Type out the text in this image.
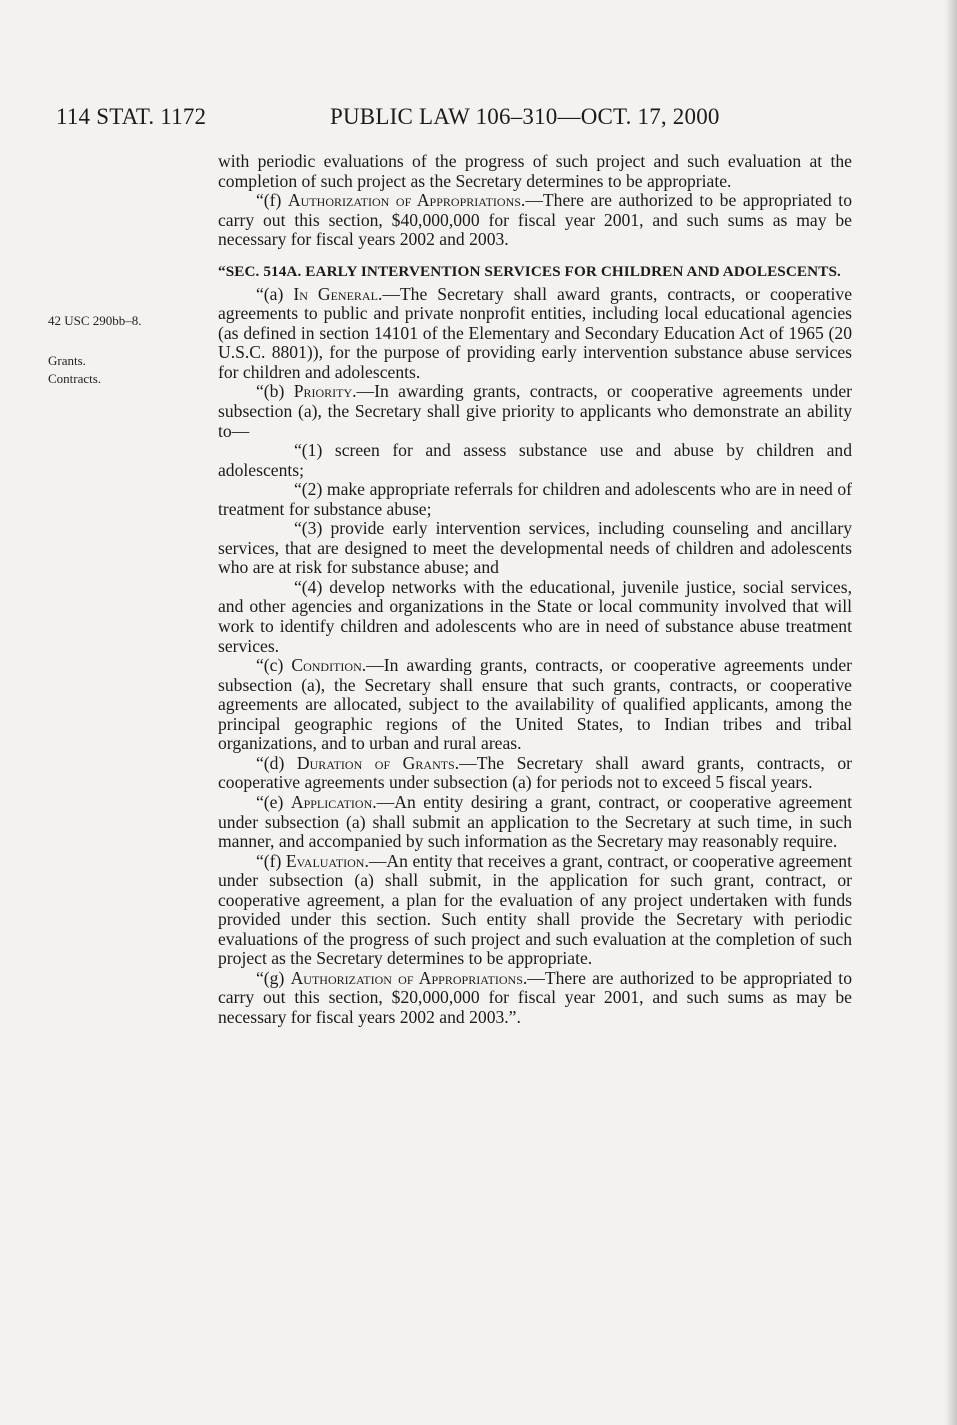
114 STAT. 1172	PUBLIC LAW 106–310—OCT. 17, 2000
42 USC 290bb–8.
Grants.
Contracts.

with periodic evaluations of the progress of such project and such evaluation at the completion of such project as the Secretary determines to be appropriate.

“(f) Authorization of Appropriations.—There are authorized to be appropriated to carry out this section, $40,000,000 for fiscal year 2001, and such sums as may be necessary for fiscal years 2002 and 2003.

“SEC. 514A. EARLY INTERVENTION SERVICES FOR CHILDREN AND ADOLESCENTS.

“(a) In General.—The Secretary shall award grants, contracts, or cooperative agreements to public and private nonprofit entities, including local educational agencies (as defined in section 14101 of the Elementary and Secondary Education Act of 1965 (20 U.S.C. 8801)), for the purpose of providing early intervention substance abuse services for children and adolescents.

“(b) Priority.—In awarding grants, contracts, or cooperative agreements under subsection (a), the Secretary shall give priority to applicants who demonstrate an ability to—

“(1) screen for and assess substance use and abuse by children and adolescents;

“(2) make appropriate referrals for children and adolescents who are in need of treatment for substance abuse;

“(3) provide early intervention services, including counseling and ancillary services, that are designed to meet the developmental needs of children and adolescents who are at risk for substance abuse; and

“(4) develop networks with the educational, juvenile justice, social services, and other agencies and organizations in the State or local community involved that will work to identify children and adolescents who are in need of substance abuse treatment services.

“(c) Condition.—In awarding grants, contracts, or cooperative agreements under subsection (a), the Secretary shall ensure that such grants, contracts, or cooperative agreements are allocated, subject to the availability of qualified applicants, among the principal geographic regions of the United States, to Indian tribes and tribal organizations, and to urban and rural areas.

“(d) Duration of Grants.—The Secretary shall award grants, contracts, or cooperative agreements under subsection (a) for periods not to exceed 5 fiscal years.

“(e) Application.—An entity desiring a grant, contract, or cooperative agreement under subsection (a) shall submit an application to the Secretary at such time, in such manner, and accompanied by such information as the Secretary may reasonably require.

“(f) Evaluation.—An entity that receives a grant, contract, or cooperative agreement under subsection (a) shall submit, in the application for such grant, contract, or cooperative agreement, a plan for the evaluation of any project undertaken with funds provided under this section. Such entity shall provide the Secretary with periodic evaluations of the progress of such project and such evaluation at the completion of such project as the Secretary determines to be appropriate.

“(g) Authorization of Appropriations.—There are authorized to be appropriated to carry out this section, $20,000,000 for fiscal year 2001, and such sums as may be necessary for fiscal years 2002 and 2003.”.
